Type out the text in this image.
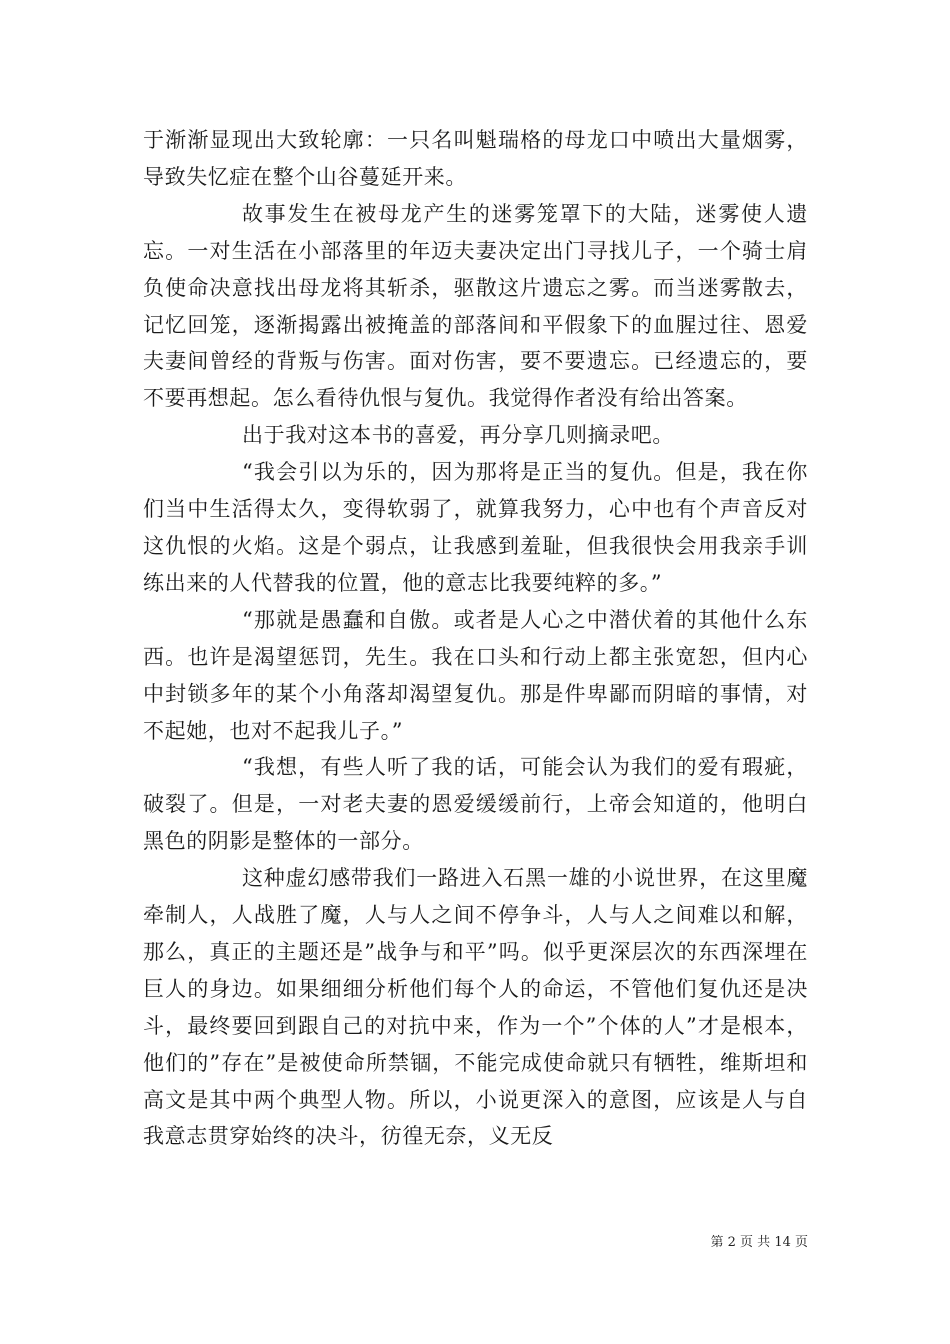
于渐渐显现出大致轮廓：一只名叫魁瑞格的母龙口中喷出大量烟雾，导致失忆症在整个山谷蔓延开来。

故事发生在被母龙产生的迷雾笼罩下的大陆，迷雾使人遗忘。一对生活在小部落里的年迈夫妻决定出门寻找儿子，一个骑士肩负使命决意找出母龙将其斩杀，驱散这片遗忘之雾。而当迷雾散去，记忆回笼，逐渐揭露出被掩盖的部落间和平假象下的血腥过往、恩爱夫妻间曾经的背叛与伤害。面对伤害，要不要遗忘。已经遗忘的，要不要再想起。怎么看待仇恨与复仇。我觉得作者没有给出答案。

出于我对这本书的喜爱，再分享几则摘录吧。

“我会引以为乐的，因为那将是正当的复仇。但是，我在你们当中生活得太久，变得软弱了，就算我努力，心中也有个声音反对这仇恨的火焰。这是个弱点，让我感到羞耻，但我很快会用我亲手训练出来的人代替我的位置，他的意志比我要纯粹的多。”

“那就是愚蠢和自傲。或者是人心之中潜伏着的其他什么东西。也许是渴望惩罚，先生。我在口头和行动上都主张宽恕，但内心中封锁多年的某个小角落却渴望复仇。那是件卑鄙而阴暗的事情，对不起她，也对不起我儿子。”

“我想，有些人听了我的话，可能会认为我们的爱有瑕疵，破裂了。但是，一对老夫妻的恩爱缓缓前行，上帝会知道的，他明白黑色的阴影是整体的一部分。

这种虚幻感带我们一路进入石黑一雄的小说世界，在这里魔牵制人，人战胜了魔，人与人之间不停争斗，人与人之间难以和解，那么，真正的主题还是”战争与和平”吗。似乎更深层次的东西深埋在巨人的身边。如果细细分析他们每个人的命运，不管他们复仇还是决斗，最终要回到跟自己的对抗中来，作为一个”个体的人”才是根本，他们的”存在”是被使命所禁锢，不能完成使命就只有牺牲，维斯坦和高文是其中两个典型人物。所以，小说更深入的意图，应该是人与自我意志贯穿始终的决斗，彷徨无奈，义无反

第 2 页 共 14 页
